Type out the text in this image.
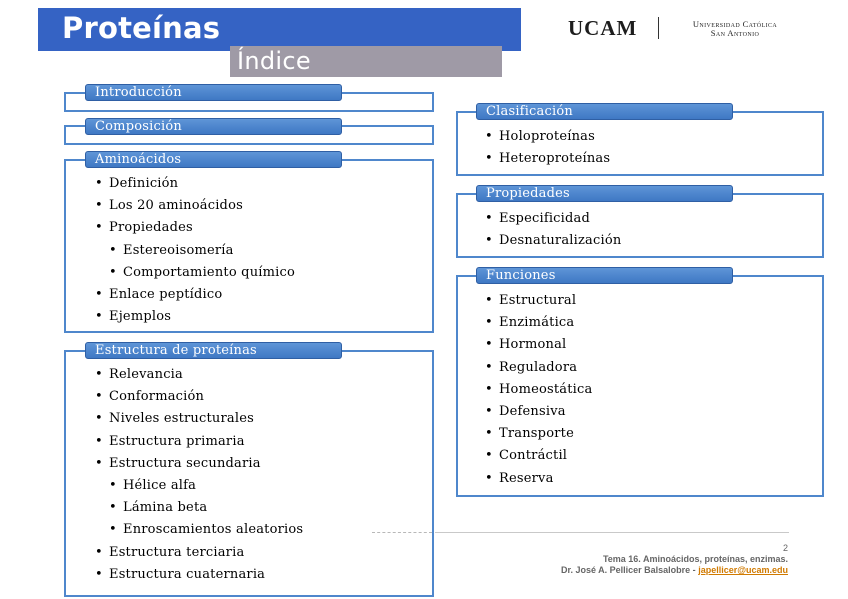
Proteínas
Índice
UCAM	Universidad Católica
San Antonio
Introducción
Composición
Aminoácidos
• Definición
• Los 20 aminoácidos
• Propiedades
• Estereoisomería
• Comportamiento químico
• Enlace peptídico
• Ejemplos
Estructura de proteínas
• Relevancia
• Conformación
• Niveles estructurales
• Estructura primaria
• Estructura secundaria
• Hélice alfa
• Lámina beta
• Enroscamientos aleatorios
• Estructura terciaria
• Estructura cuaternaria
Clasificación
• Holoproteínas
• Heteroproteínas
Propiedades
• Especificidad
• Desnaturalización
Funciones
• Estructural
• Enzimática
• Hormonal
• Reguladora
• Homeostática
• Defensiva
• Transporte
• Contráctil
• Reserva
2
Tema 16. Aminoácidos, proteínas, enzimas.
Dr. José A. Pellicer Balsalobre - japellicer@ucam.edu
